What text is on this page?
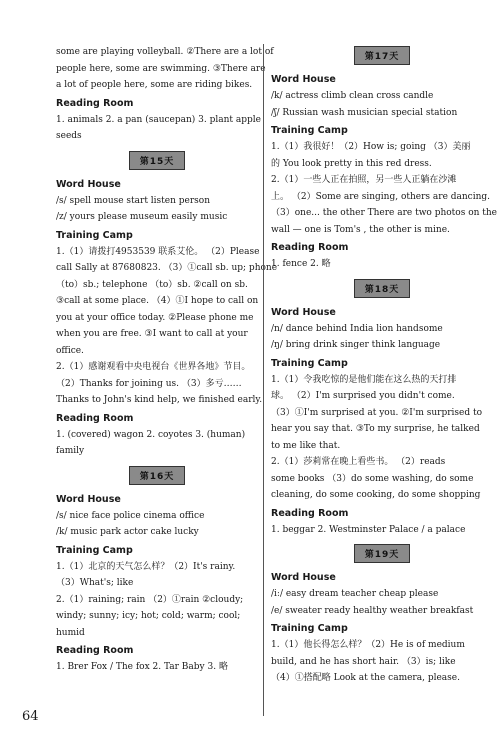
some are playing volleyball. ②There are a lot of

people here, some are swimming. ③There are

a lot of people here, some are riding bikes.

Reading Room

1. animals 2. a pan (saucepan) 3. plant apple

seeds

第15天

Word House

/s/ spell mouse start listen person

/z/ yours please museum easily music

Training Camp

1.（1）请拨打4953539 联系艾伦。 （2）Please

call Sally at 87680823. （3）①call sb. up; phone

（to）sb.; telephone （to）sb. ②call on sb.

③call at some place. （4）①I hope to call on

you at your office today. ②Please phone me

when you are free. ③I want to call at your

office.

2.（1）感谢观看中央电视台《世界各地》节目。

（2）Thanks for joining us. （3）多亏……

Thanks to John's kind help, we finished early.

Reading Room

1. (covered) wagon 2. coyotes 3. (human)

family

第16天

Word House

/s/ nice face police cinema office

/k/ music park actor cake lucky

Training Camp

1.（1）北京的天气怎么样？（2）It's rainy.

（3）What's; like

2.（1）raining; rain （2）①rain ②cloudy;

windy; sunny; icy; hot; cold; warm; cool;

humid

Reading Room

1. Brer Fox / The fox 2. Tar Baby 3. 略

第17天

Word House

/k/ actress climb clean cross candle

/ʃ/ Russian wash musician special station

Training Camp

1.（1）我很好！（2）How is; going （3）美丽

的 You look pretty in this red dress.

2.（1）一些人正在拍照，另一些人正躺在沙滩

上。 （2）Some are singing, others are dancing.

（3）one... the other There are two photos on the

wall — one is Tom's , the other is mine.

Reading Room

1. fence 2. 略

第18天

Word House

/n/ dance behind India lion handsome

/ŋ/ bring drink singer think language

Training Camp

1.（1）令我吃惊的是他们能在这么热的天打排

球。 （2）I'm surprised you didn't come.

（3）①I'm surprised at you. ②I'm surprised to

hear you say that. ③To my surprise, he talked

to me like that.

2.（1）莎莉常在晚上看些书。 （2）reads

some books （3）do some washing, do some

cleaning, do some cooking, do some shopping

Reading Room

1. beggar 2. Westminster Palace / a palace

第19天

Word House

/iː/ easy dream teacher cheap please

/e/ sweater ready healthy weather breakfast

Training Camp

1.（1）他长得怎么样？（2）He is of medium

build, and he has short hair. （3）is; like

（4）①搭配略 Look at the camera, please.

64
